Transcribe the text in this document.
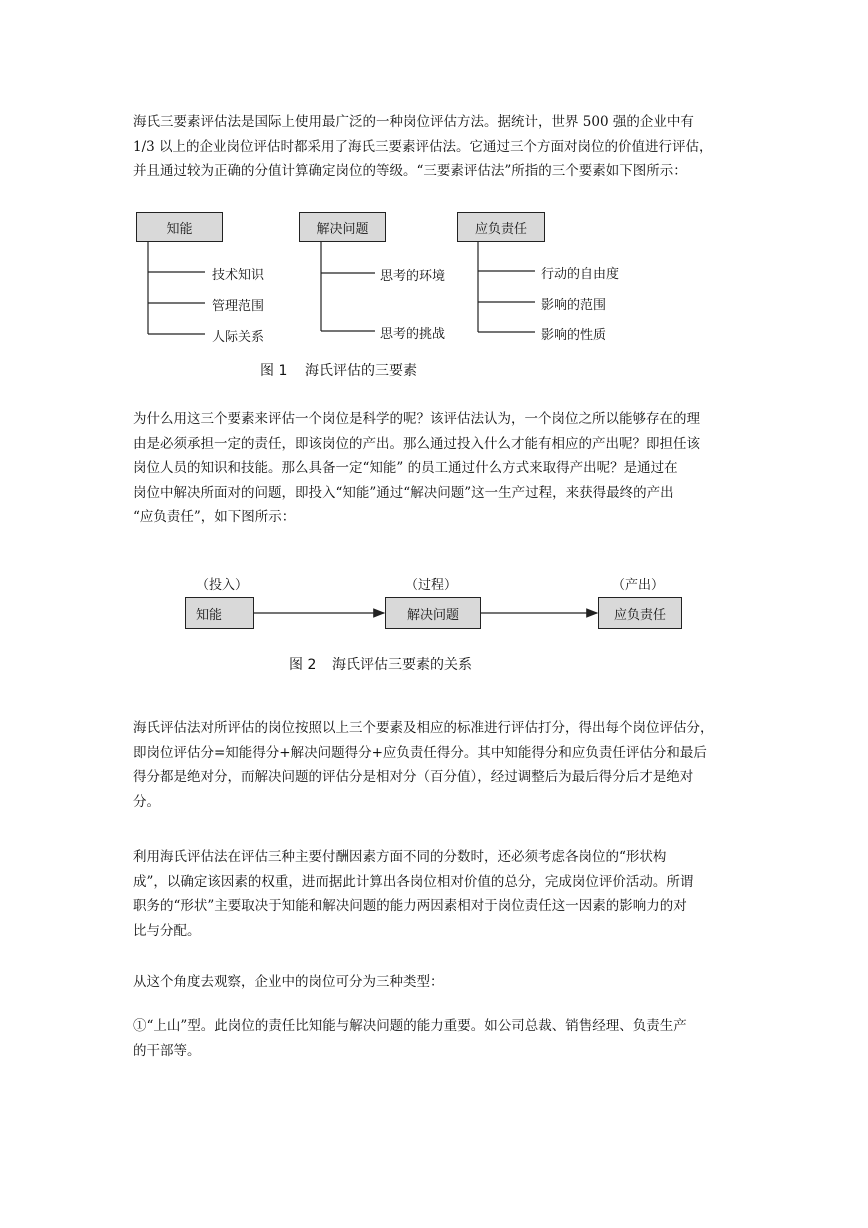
海氏三要素评估法是国际上使用最广泛的一种岗位评估方法。据统计，世界 500 强的企业中有
1/3 以上的企业岗位评估时都采用了海氏三要素评估法。它通过三个方面对岗位的价值进行评估，
并且通过较为正确的分值计算确定岗位的等级。“三要素评估法”所指的三个要素如下图所示：
知能	解决问题	应负责任
技术知识
管理范围
人际关系
思考的环境
思考的挑战
行动的自由度
影响的范围
影响的性质
图 1 海氏评估的三要素
为什么用这三个要素来评估一个岗位是科学的呢？该评估法认为，一个岗位之所以能够存在的理
由是必须承担一定的责任，即该岗位的产出。那么通过投入什么才能有相应的产出呢？即担任该
岗位人员的知识和技能。那么具备一定“知能” 的员工通过什么方式来取得产出呢？是通过在
岗位中解决所面对的问题，即投入“知能”通过“解决问题”这一生产过程，来获得最终的产出
“应负责任”，如下图所示：
（投入）	（过程）	（产出）
知能	解决问题	应负责任
图 2 海氏评估三要素的关系
海氏评估法对所评估的岗位按照以上三个要素及相应的标准进行评估打分，得出每个岗位评估分，
即岗位评估分=知能得分+解决问题得分+应负责任得分。其中知能得分和应负责任评估分和最后
得分都是绝对分，而解决问题的评估分是相对分（百分值），经过调整后为最后得分后才是绝对
分。
利用海氏评估法在评估三种主要付酬因素方面不同的分数时，还必须考虑各岗位的“形状构
成”，以确定该因素的权重，进而据此计算出各岗位相对价值的总分，完成岗位评价活动。所谓
职务的“形状”主要取决于知能和解决问题的能力两因素相对于岗位责任这一因素的影响力的对
比与分配。
从这个角度去观察，企业中的岗位可分为三种类型：
①“上山”型。此岗位的责任比知能与解决问题的能力重要。如公司总裁、销售经理、负责生产
的干部等。
